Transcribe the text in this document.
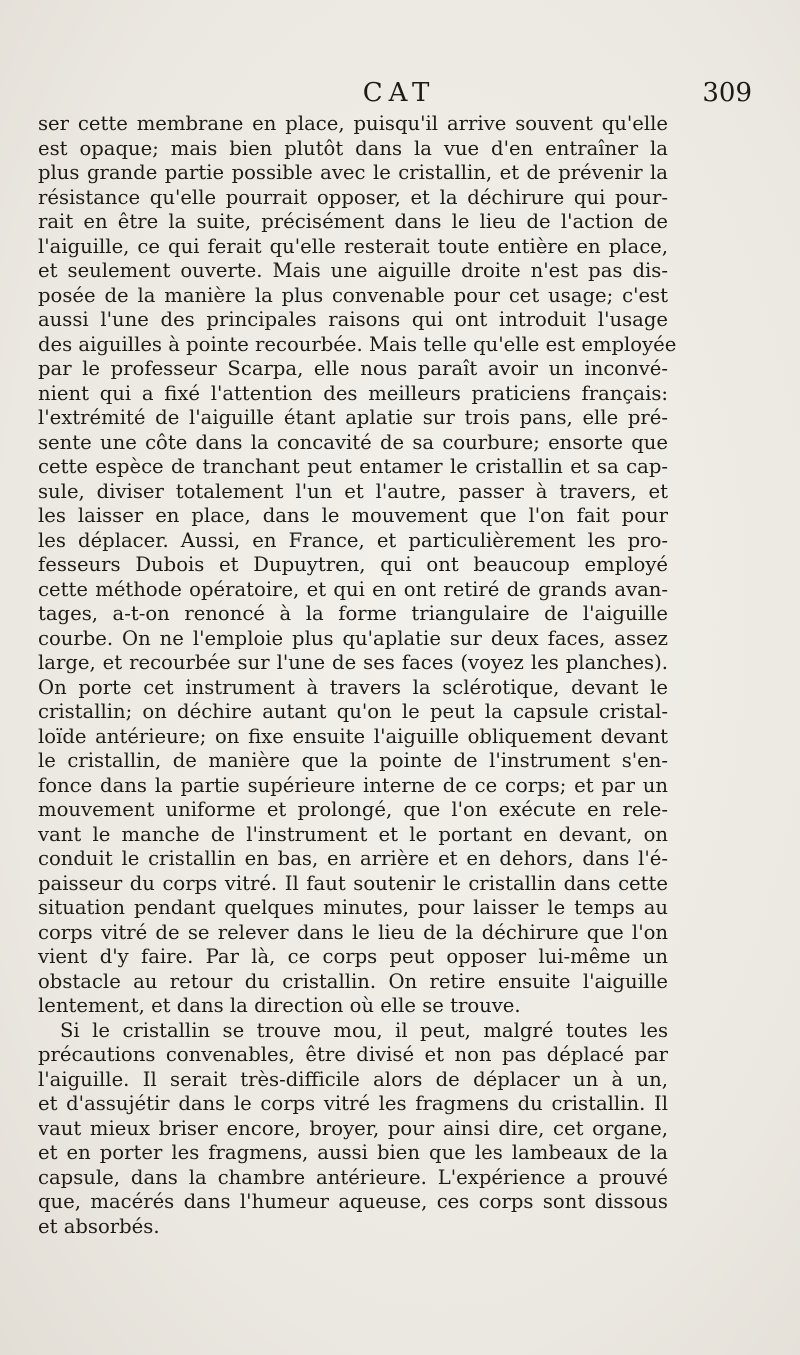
CAT	309
ser cette membrane en place, puisqu'il arrive souvent qu'elle
est opaque; mais bien plutôt dans la vue d'en entraîner la
plus grande partie possible avec le cristallin, et de prévenir la
résistance qu'elle pourrait opposer, et la déchirure qui pour-
rait en être la suite, précisément dans le lieu de l'action de
l'aiguille, ce qui ferait qu'elle resterait toute entière en place,
et seulement ouverte. Mais une aiguille droite n'est pas dis-
posée de la manière la plus convenable pour cet usage; c'est
aussi l'une des principales raisons qui ont introduit l'usage
des aiguilles à pointe recourbée. Mais telle qu'elle est employée
par le professeur Scarpa, elle nous paraît avoir un inconvé-
nient qui a fixé l'attention des meilleurs praticiens français:
l'extrémité de l'aiguille étant aplatie sur trois pans, elle pré-
sente une côte dans la concavité de sa courbure; ensorte que
cette espèce de tranchant peut entamer le cristallin et sa cap-
sule, diviser totalement l'un et l'autre, passer à travers, et
les laisser en place, dans le mouvement que l'on fait pour
les déplacer. Aussi, en France, et particulièrement les pro-
fesseurs Dubois et Dupuytren, qui ont beaucoup employé
cette méthode opératoire, et qui en ont retiré de grands avan-
tages, a-t-on renoncé à la forme triangulaire de l'aiguille
courbe. On ne l'emploie plus qu'aplatie sur deux faces, assez
large, et recourbée sur l'une de ses faces (voyez les planches).
On porte cet instrument à travers la sclérotique, devant le
cristallin; on déchire autant qu'on le peut la capsule cristal-
loïde antérieure; on fixe ensuite l'aiguille obliquement devant
le cristallin, de manière que la pointe de l'instrument s'en-
fonce dans la partie supérieure interne de ce corps; et par un
mouvement uniforme et prolongé, que l'on exécute en rele-
vant le manche de l'instrument et le portant en devant, on
conduit le cristallin en bas, en arrière et en dehors, dans l'é-
paisseur du corps vitré. Il faut soutenir le cristallin dans cette
situation pendant quelques minutes, pour laisser le temps au
corps vitré de se relever dans le lieu de la déchirure que l'on
vient d'y faire. Par là, ce corps peut opposer lui-même un
obstacle au retour du cristallin. On retire ensuite l'aiguille
lentement, et dans la direction où elle se trouve.
Si le cristallin se trouve mou, il peut, malgré toutes les
précautions convenables, être divisé et non pas déplacé par
l'aiguille. Il serait très-difficile alors de déplacer un à un,
et d'assujétir dans le corps vitré les fragmens du cristallin. Il
vaut mieux briser encore, broyer, pour ainsi dire, cet organe,
et en porter les fragmens, aussi bien que les lambeaux de la
capsule, dans la chambre antérieure. L'expérience a prouvé
que, macérés dans l'humeur aqueuse, ces corps sont dissous
et absorbés.
